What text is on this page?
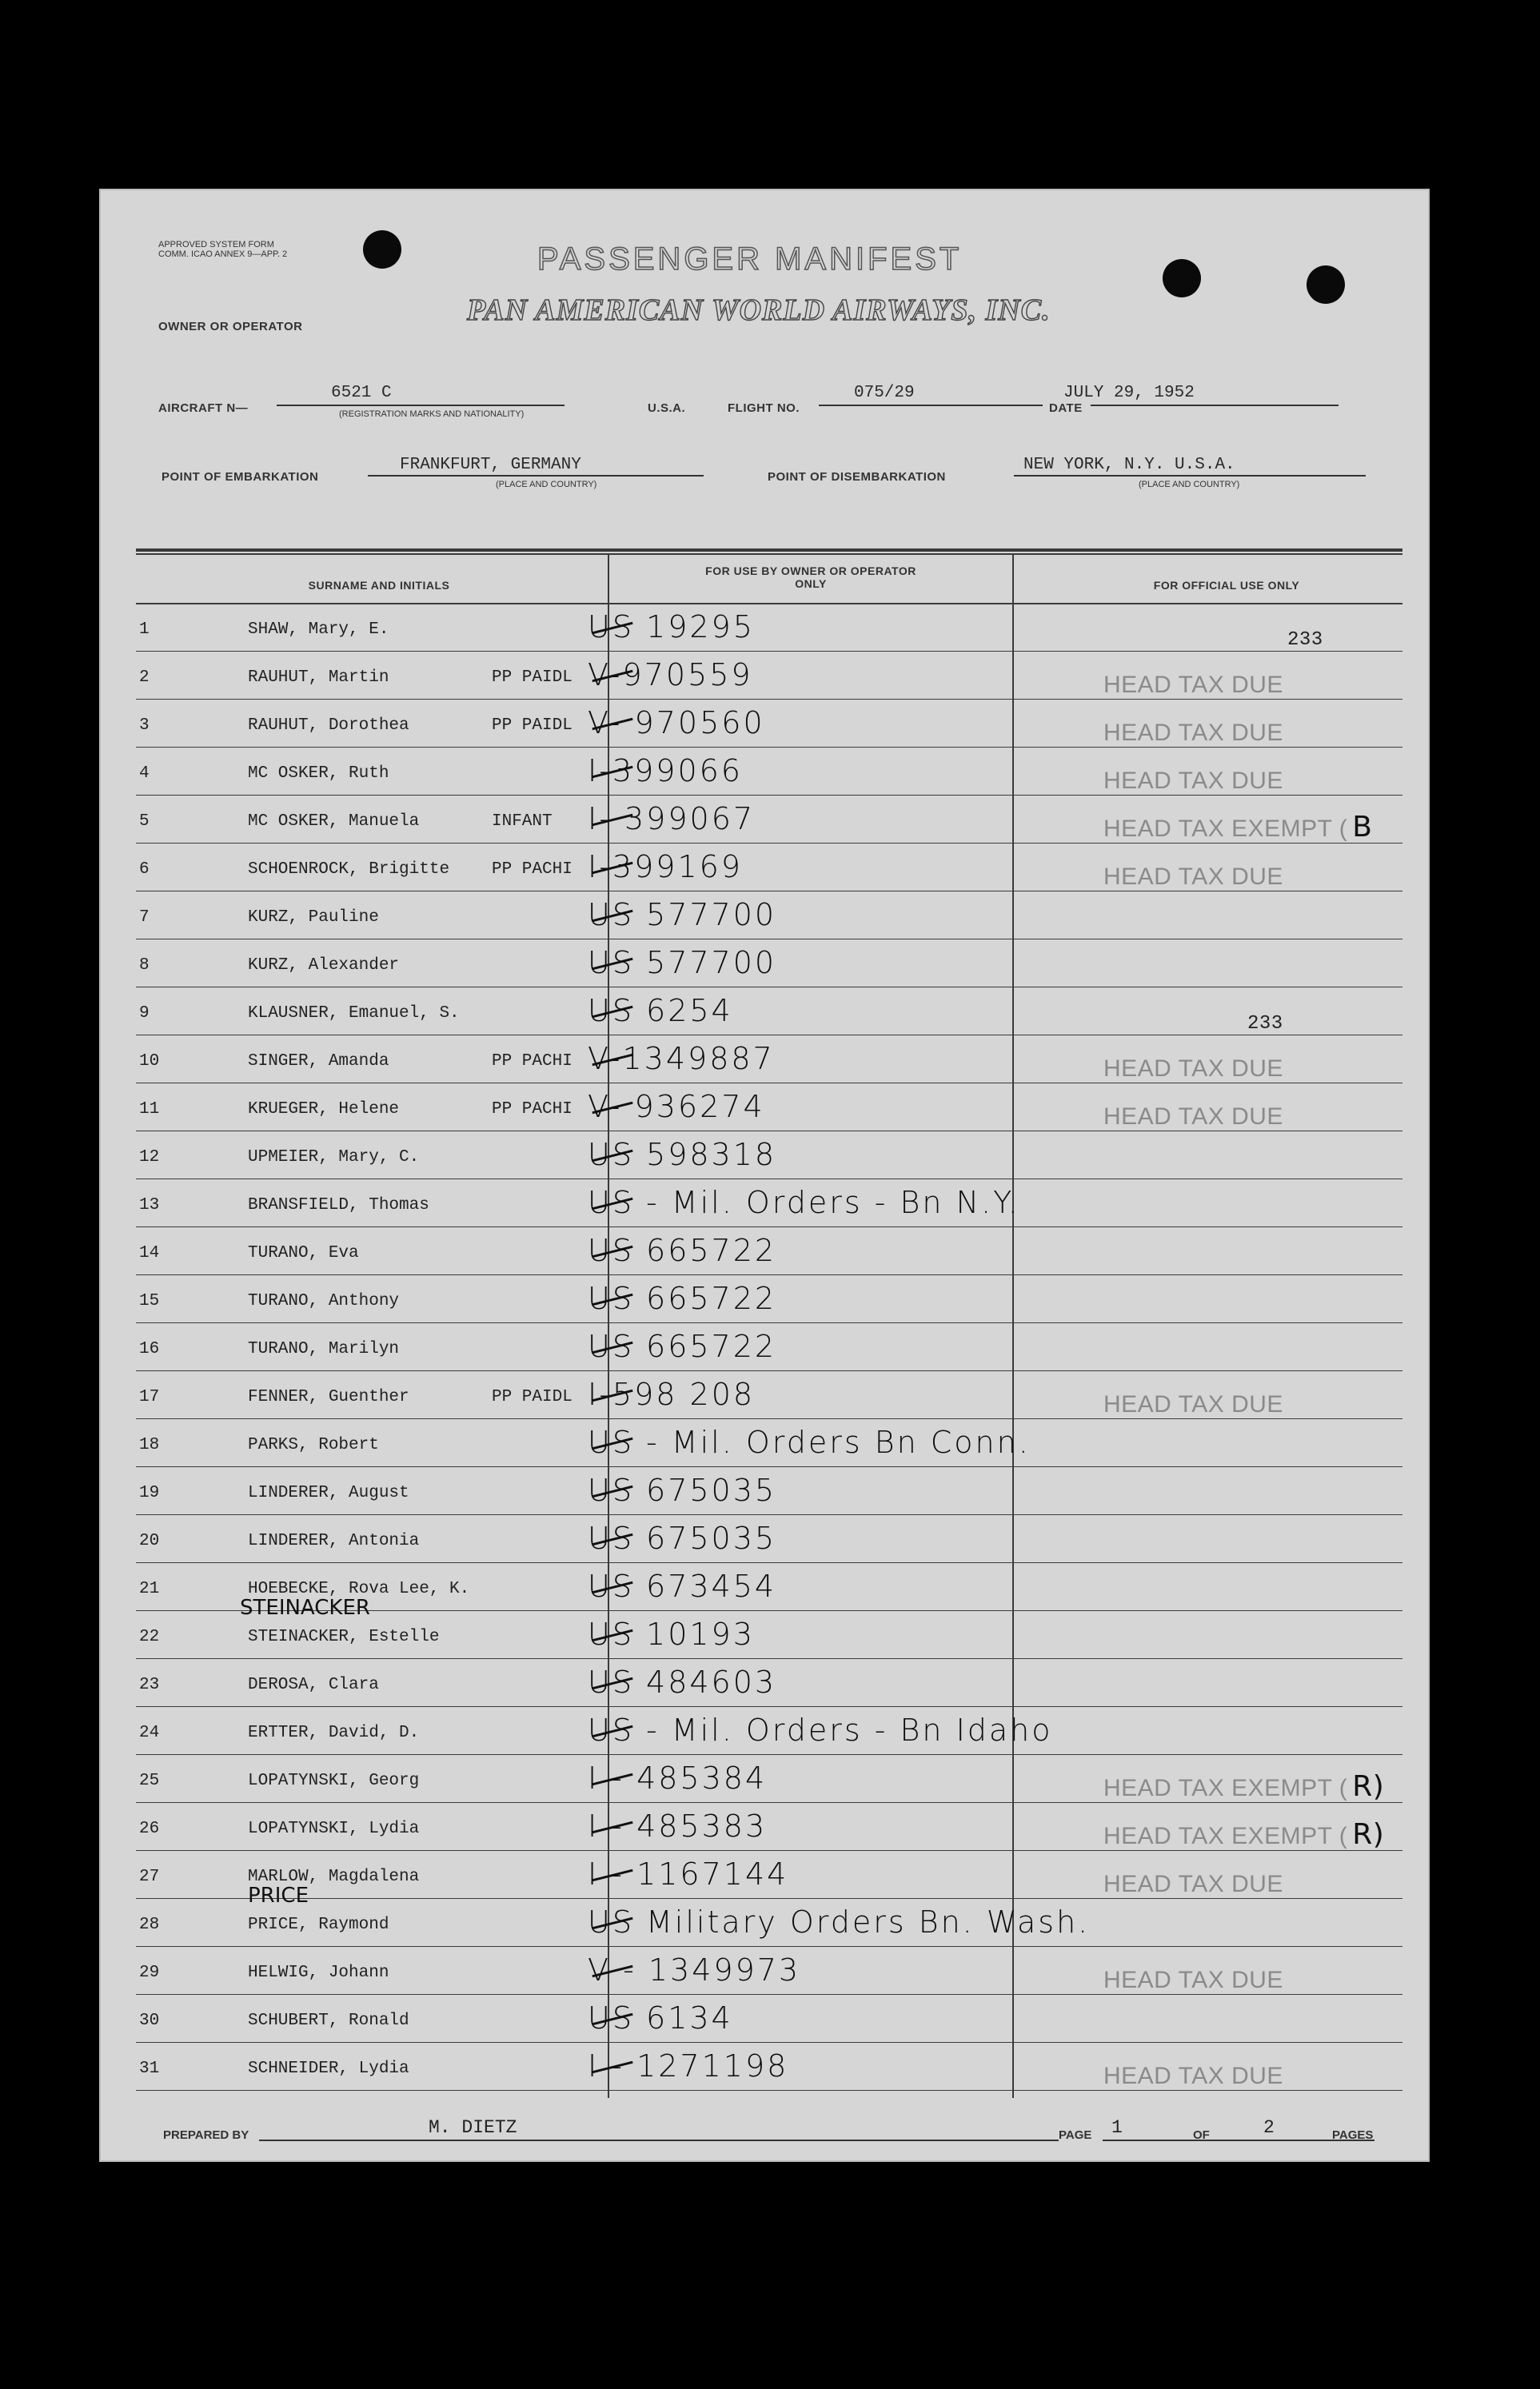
APPROVED SYSTEM FORM COMM. ICAO ANNEX 9—APP. 2	PASSENGER MANIFEST
OWNER OR OPERATOR	PAN AMERICAN WORLD AIRWAYS, INC.
AIRCRAFT N—
6521 C
(REGISTRATION MARKS AND NATIONALITY)	U.S.A.	FLIGHT NO.
075/29
DATE
JULY 29, 1952
POINT OF EMBARKATION
FRANKFURT, GERMANY
(PLACE AND COUNTRY)
POINT OF DISEMBARKATION
NEW YORK, N.Y. U.S.A.
(PLACE AND COUNTRY)
SURNAME AND INITIALS
FOR USE BY OWNER OR OPERATOR ONLY	FOR OFFICIAL USE ONLY
1	SHAW, Mary, E.	US 19295	233
2	RAUHUT, Martin	PP PAIDL V-970559	HEAD TAX DUE
3	RAUHUT, Dorothea	PP PAIDL V- 970560	HEAD TAX DUE
4	MC OSKER, Ruth	I-399066	HEAD TAX DUE
5	MC OSKER, Manuela	INFANT I- 399067	HEAD TAX EXEMPT ( B
6	SCHOENROCK, Brigitte	PP PACHI I-399169	HEAD TAX DUE
7	KURZ, Pauline	US 577700
8	KURZ, Alexander	US 577700
9	KLAUSNER, Emanuel, S.	US 6254	233
10	SINGER, Amanda	PP PACHI V-1349887	HEAD TAX DUE
11	KRUEGER, Helene	PP PACHI V- 936274	HEAD TAX DUE
12	UPMEIER, Mary, C.	US 598318
13	BRANSFIELD, Thomas	US - Mil. Orders - Bn N.Y.
14	TURANO, Eva	US 665722
15	TURANO, Anthony	US 665722
16	TURANO, Marilyn	US 665722
17	FENNER, Guenther	PP PAIDL I-598 208	HEAD TAX DUE
18	PARKS, Robert	US - Mil. Orders Bn Conn.
19	LINDERER, August	US 675035
20	LINDERER, Antonia	US 675035
21	HOEBECKE, Rova Lee, K.	US 673454
22	STEINACKER, Estelle	US 10193
STEINACKER
23	DEROSA, Clara	US 484603
24	ERTTER, David, D.	US - Mil. Orders - Bn Idaho
25	LOPATYNSKI, Georg	I - 485384	HEAD TAX EXEMPT ( R)
26	LOPATYNSKI, Lydia	I - 485383	HEAD TAX EXEMPT ( R)
27	MARLOW, Magdalena	I - 1167144	HEAD TAX DUE
28	PRICE, Raymond	US Military Orders Bn. Wash.
PRICE
29	HELWIG, Johann	V - 1349973	HEAD TAX DUE
30	SCHUBERT, Ronald	US 6134
31	SCHNEIDER, Lydia	I - 1271198	HEAD TAX DUE
PREPARED BY	M. DIETZ	PAGE 1	OF	2	PAGES
